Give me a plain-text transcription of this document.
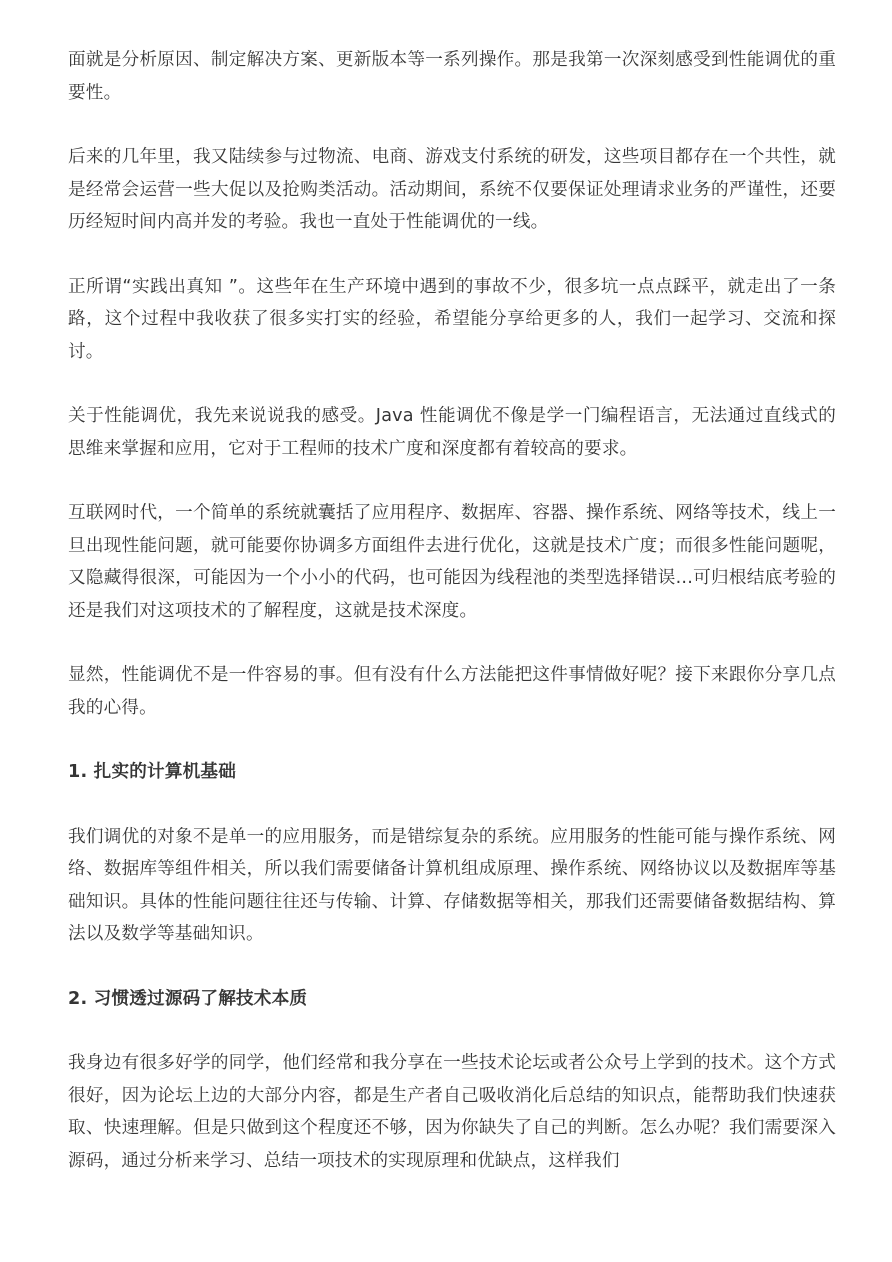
面就是分析原因、制定解决方案、更新版本等一系列操作。那是我第一次深刻感受到性能调优的重要性。

后来的几年里，我又陆续参与过物流、电商、游戏支付系统的研发，这些项目都存在一个共性，就是经常会运营一些大促以及抢购类活动。活动期间，系统不仅要保证处理请求业务的严谨性，还要历经短时间内高并发的考验。我也一直处于性能调优的一线。

正所谓“实践出真知 ”。这些年在生产环境中遇到的事故不少，很多坑一点点踩平，就走出了一条路，这个过程中我收获了很多实打实的经验，希望能分享给更多的人，我们一起学习、交流和探讨。

关于性能调优，我先来说说我的感受。Java 性能调优不像是学一门编程语言，无法通过直线式的思维来掌握和应用，它对于工程师的技术广度和深度都有着较高的要求。

互联网时代，一个简单的系统就囊括了应用程序、数据库、容器、操作系统、网络等技术，线上一旦出现性能问题，就可能要你协调多方面组件去进行优化，这就是技术广度；而很多性能问题呢，又隐藏得很深，可能因为一个小小的代码，也可能因为线程池的类型选择错误...可归根结底考验的还是我们对这项技术的了解程度，这就是技术深度。

显然，性能调优不是一件容易的事。但有没有什么方法能把这件事情做好呢？接下来跟你分享几点我的心得。

1. 扎实的计算机基础

我们调优的对象不是单一的应用服务，而是错综复杂的系统。应用服务的性能可能与操作系统、网络、数据库等组件相关，所以我们需要储备计算机组成原理、操作系统、网络协议以及数据库等基础知识。具体的性能问题往往还与传输、计算、存储数据等相关，那我们还需要储备数据结构、算法以及数学等基础知识。

2. 习惯透过源码了解技术本质

我身边有很多好学的同学，他们经常和我分享在一些技术论坛或者公众号上学到的技术。这个方式很好，因为论坛上边的大部分内容，都是生产者自己吸收消化后总结的知识点，能帮助我们快速获取、快速理解。但是只做到这个程度还不够，因为你缺失了自己的判断。怎么办呢？我们需要深入源码，通过分析来学习、总结一项技术的实现原理和优缺点，这样我们
